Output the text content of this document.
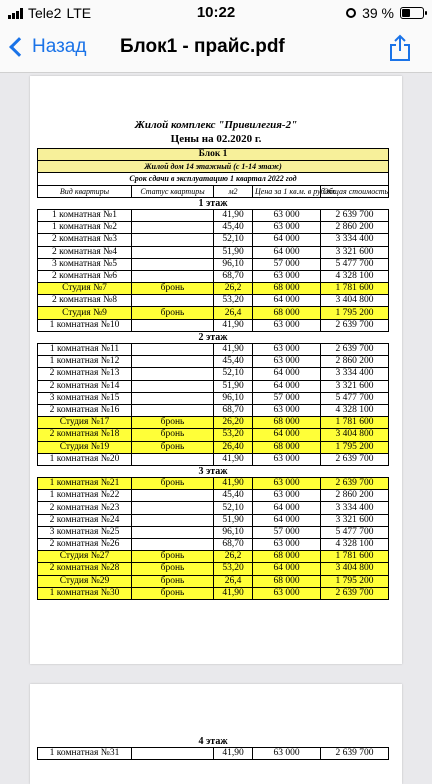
Tele2 LTE	10:22	39 %
Назад Блок1 - прайс.pdf
Жилой комплекс "Привилегия-2"
Цены на 02.2020 г.
Блок 1				
Жилой дом 14 этажный (с 1-14 этаж)				
Срок сдачи в эксплуатацию 1 квартал 2022 год				
Вид квартиры	Статус квартиры	м2	Цена за 1 кв.м. в рублях	Общая стоимость
1 этаж				
1 комнатная №1		41,90	63 000	2 639 700
1 комнатная №2		45,40	63 000	2 860 200
2 комнатная №3		52,10	64 000	3 334 400
2 комнатная №4		51,90	64 000	3 321 600
3 комнатная №5		96,10	57 000	5 477 700
2 комнатная №6		68,70	63 000	4 328 100
Студия №7	бронь	26,2	68 000	1 781 600
2 комнатная №8		53,20	64 000	3 404 800
Студия №9	бронь	26,4	68 000	1 795 200
1 комнатная №10		41,90	63 000	2 639 700
2 этаж				
1 комнатная №11		41,90	63 000	2 639 700
1 комнатная №12		45,40	63 000	2 860 200
2 комнатная №13		52,10	64 000	3 334 400
2 комнатная №14		51,90	64 000	3 321 600
3 комнатная №15		96,10	57 000	5 477 700
2 комнатная №16		68,70	63 000	4 328 100
Студия №17	бронь	26,20	68 000	1 781 600
2 комнатная №18	бронь	53,20	64 000	3 404 800
Студия №19	бронь	26,40	68 000	1 795 200
1 комнатная №20		41,90	63 000	2 639 700
3 этаж				
1 комнатная №21	бронь	41,90	63 000	2 639 700
1 комнатная №22		45,40	63 000	2 860 200
2 комнатная №23		52,10	64 000	3 334 400
2 комнатная №24		51,90	64 000	3 321 600
3 комнатная №25		96,10	57 000	5 477 700
2 комнатная №26		68,70	63 000	4 328 100
Студия №27	бронь	26,2	68 000	1 781 600
2 комнатная №28	бронь	53,20	64 000	3 404 800
Студия №29	бронь	26,4	68 000	1 795 200
1 комнатная №30	бронь	41,90	63 000	2 639 700
4 этаж
1 комнатная №31		41,90	63 000	2 639 700
